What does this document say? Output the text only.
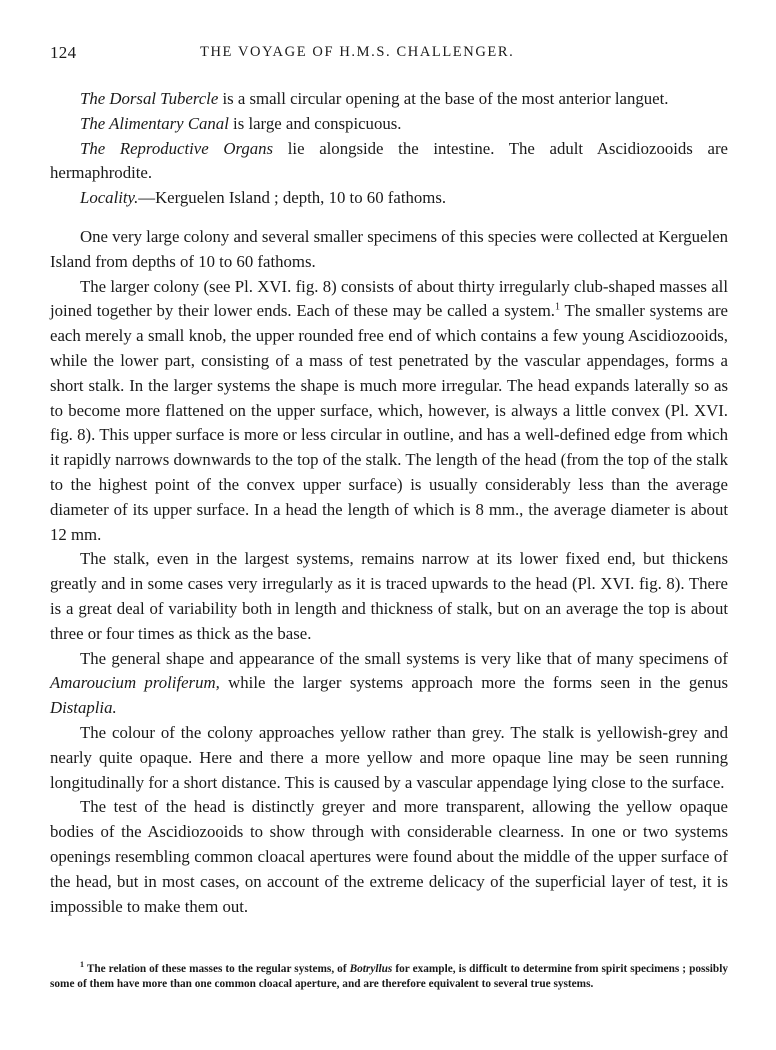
124	THE VOYAGE OF H.M.S. CHALLENGER.

The Dorsal Tubercle is a small circular opening at the base of the most anterior languet.

The Alimentary Canal is large and conspicuous.

The Reproductive Organs lie alongside the intestine. The adult Ascidiozooids are hermaphrodite.

Locality.—Kerguelen Island ; depth, 10 to 60 fathoms.

One very large colony and several smaller specimens of this species were collected at Kerguelen Island from depths of 10 to 60 fathoms.

The larger colony (see Pl. XVI. fig. 8) consists of about thirty irregularly club-shaped masses all joined together by their lower ends. Each of these may be called a system.$^1$ The smaller systems are each merely a small knob, the upper rounded free end of which contains a few young Ascidiozooids, while the lower part, consisting of a mass of test penetrated by the vascular appendages, forms a short stalk. In the larger systems the shape is much more irregular. The head expands laterally so as to become more flattened on the upper surface, which, however, is always a little convex (Pl. XVI. fig. 8). This upper surface is more or less circular in outline, and has a well-defined edge from which it rapidly narrows downwards to the top of the stalk. The length of the head (from the top of the stalk to the highest point of the convex upper surface) is usually considerably less than the average diameter of its upper surface. In a head the length of which is 8 mm., the average diameter is about 12 mm.

The stalk, even in the largest systems, remains narrow at its lower fixed end, but thickens greatly and in some cases very irregularly as it is traced upwards to the head (Pl. XVI. fig. 8). There is a great deal of variability both in length and thickness of stalk, but on an average the top is about three or four times as thick as the base.

The general shape and appearance of the small systems is very like that of many specimens of Amaroucium proliferum, while the larger systems approach more the forms seen in the genus Distaplia.

The colour of the colony approaches yellow rather than grey. The stalk is yellowish-grey and nearly quite opaque. Here and there a more yellow and more opaque line may be seen running longitudinally for a short distance. This is caused by a vascular appendage lying close to the surface.

The test of the head is distinctly greyer and more transparent, allowing the yellow opaque bodies of the Ascidiozooids to show through with considerable clearness. In one or two systems openings resembling common cloacal apertures were found about the middle of the upper surface of the head, but in most cases, on account of the extreme delicacy of the superficial layer of test, it is impossible to make them out.

$^1$ The relation of these masses to the regular systems, of Botryllus for example, is difficult to determine from spirit specimens ; possibly some of them have more than one common cloacal aperture, and are therefore equivalent to several true systems.
